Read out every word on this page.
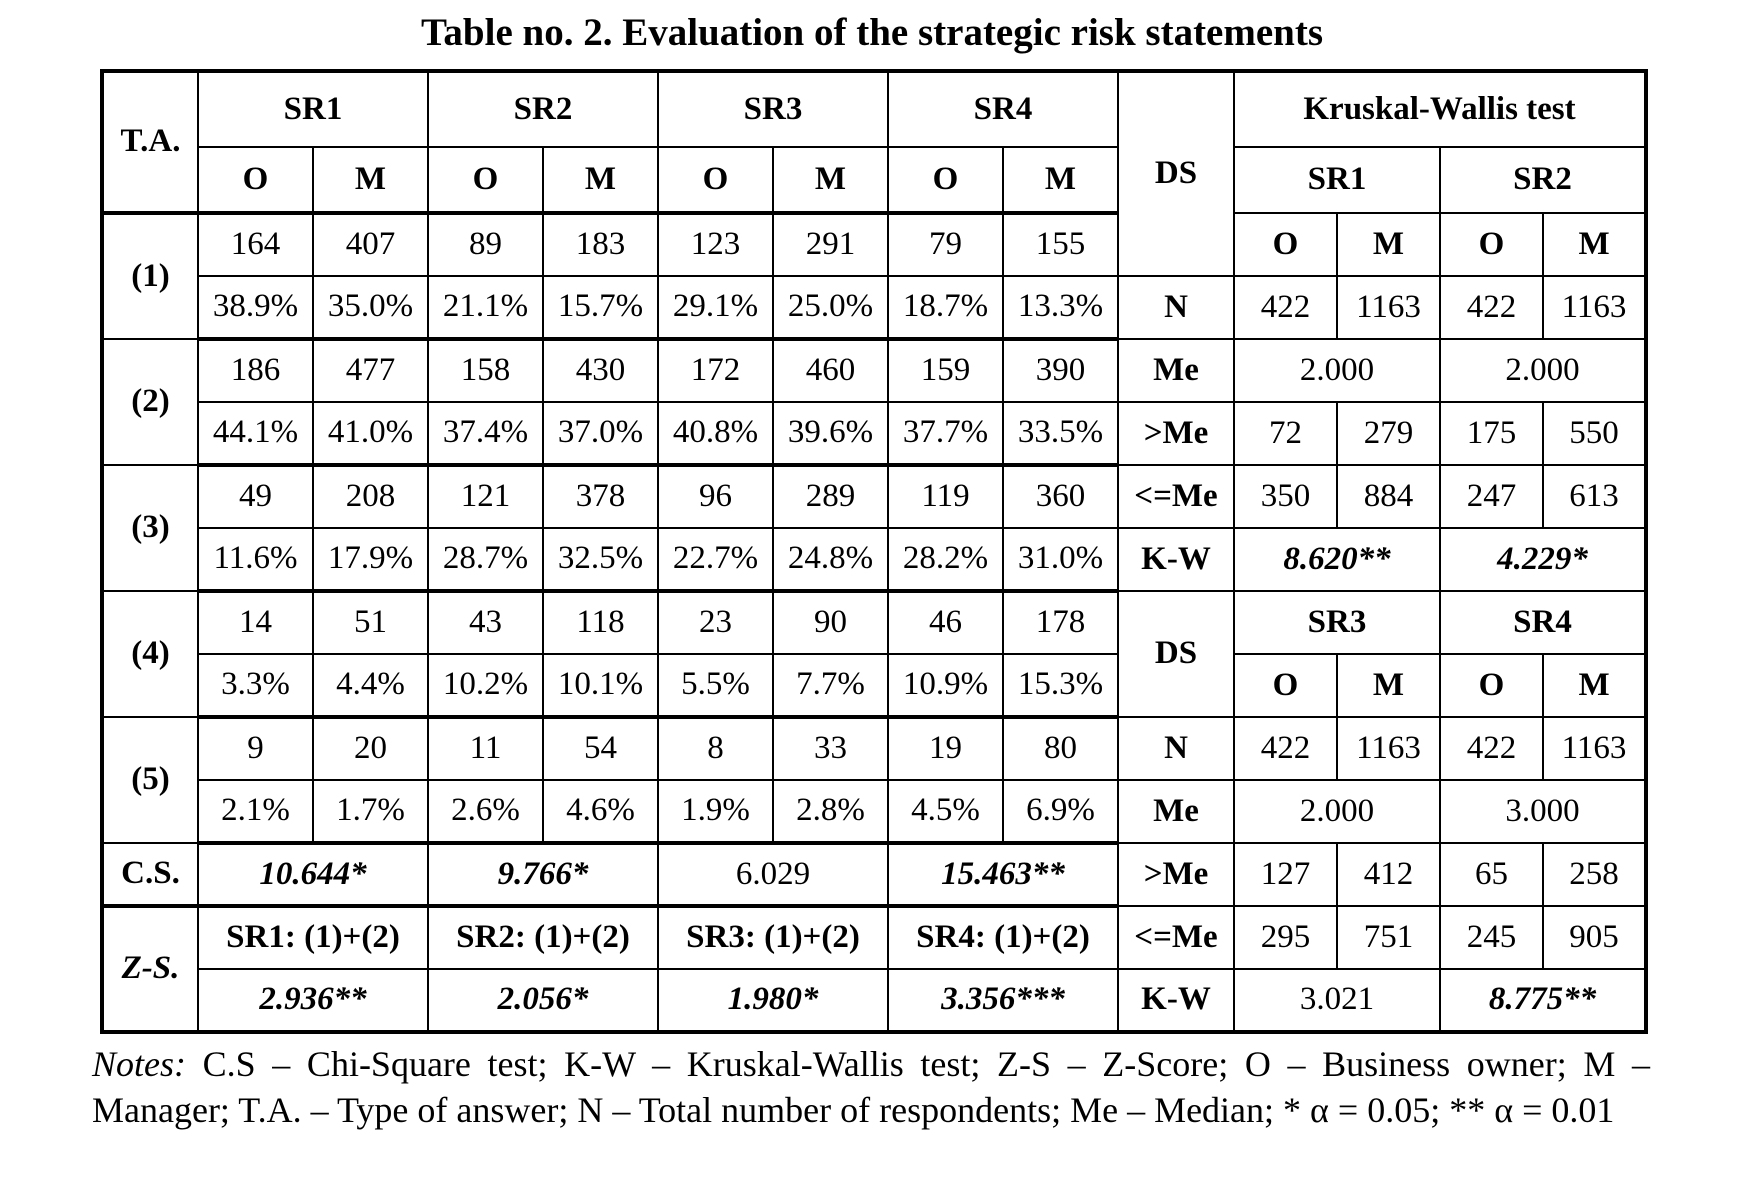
Table no. 2. Evaluation of the strategic risk statements
T.A.	SR1		SR2		SR3		SR4		DS	Kruskal-Wallis test			
	O	M	O	M	O	M	O	M		SR1		SR2	
(1)	164	407	89	183	123	291	79	155		O	M	O	M
	38.9%	35.0%	21.1%	15.7%	29.1%	25.0%	18.7%	13.3%	N	422	1163	422	1163
(2)	186	477	158	430	172	460	159	390	Me	2.000		2.000	
	44.1%	41.0%	37.4%	37.0%	40.8%	39.6%	37.7%	33.5%	>Me	72	279	175	550
(3)	49	208	121	378	96	289	119	360	<=Me	350	884	247	613
	11.6%	17.9%	28.7%	32.5%	22.7%	24.8%	28.2%	31.0%	K-W	8.620**		4.229*	
(4)	14	51	43	118	23	90	46	178	DS	SR3		SR4	
	3.3%	4.4%	10.2%	10.1%	5.5%	7.7%	10.9%	15.3%		O	M	O	M
(5)	9	20	11	54	8	33	19	80	N	422	1163	422	1163
	2.1%	1.7%	2.6%	4.6%	1.9%	2.8%	4.5%	6.9%	Me	2.000		3.000	
C.S.	10.644*		9.766*		6.029		15.463**		>Me	127	412	65	258
Z-S.	SR1: (1)+(2)		SR2: (1)+(2)		SR3: (1)+(2)		SR4: (1)+(2)		<=Me	295	751	245	905
	2.936**		2.056*		1.980*		3.356***		K-W	3.021		8.775**	
Notes: C.S – Chi-Square test; K-W – Kruskal-Wallis test; Z-S – Z-Score; O – Business owner; M – Manager; T.A. – Type of answer; N – Total number of respondents; Me – Median; * α = 0.05; ** α = 0.01
